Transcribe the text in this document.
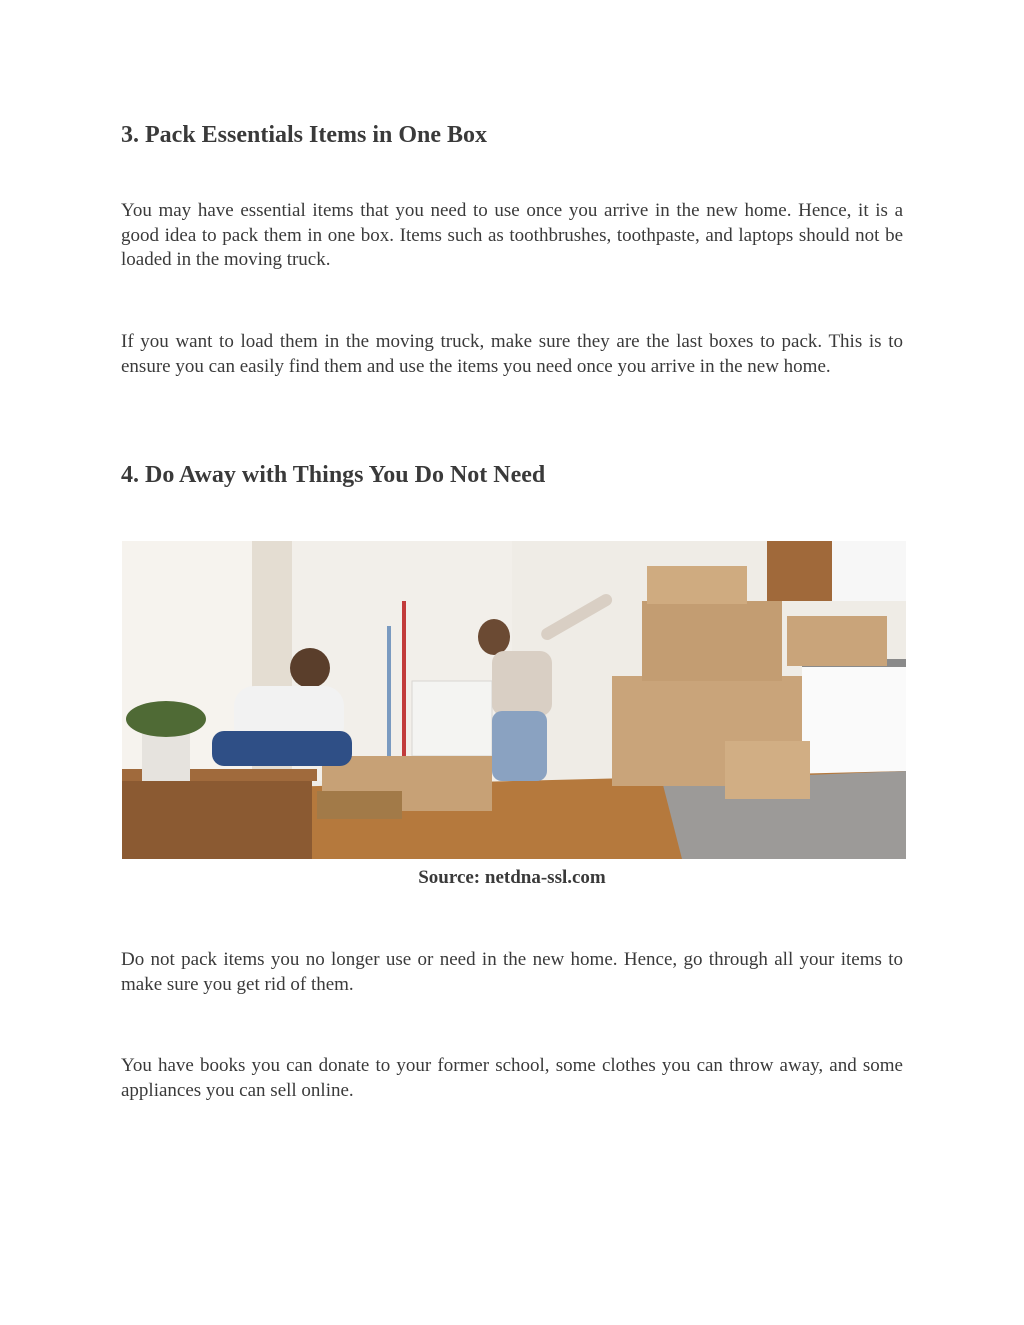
3. Pack Essentials Items in One Box

You may have essential items that you need to use once you arrive in the new home. Hence, it is a good idea to pack them in one box. Items such as toothbrushes, toothpaste, and laptops should not be loaded in the moving truck.

If you want to load them in the moving truck, make sure they are the last boxes to pack. This is to ensure you can easily find them and use the items you need once you arrive in the new home.

4. Do Away with Things You Do Not Need
Source: netdna-ssl.com

Do not pack items you no longer use or need in the new home. Hence, go through all your items to make sure you get rid of them.

You have books you can donate to your former school, some clothes you can throw away, and some appliances you can sell online.
